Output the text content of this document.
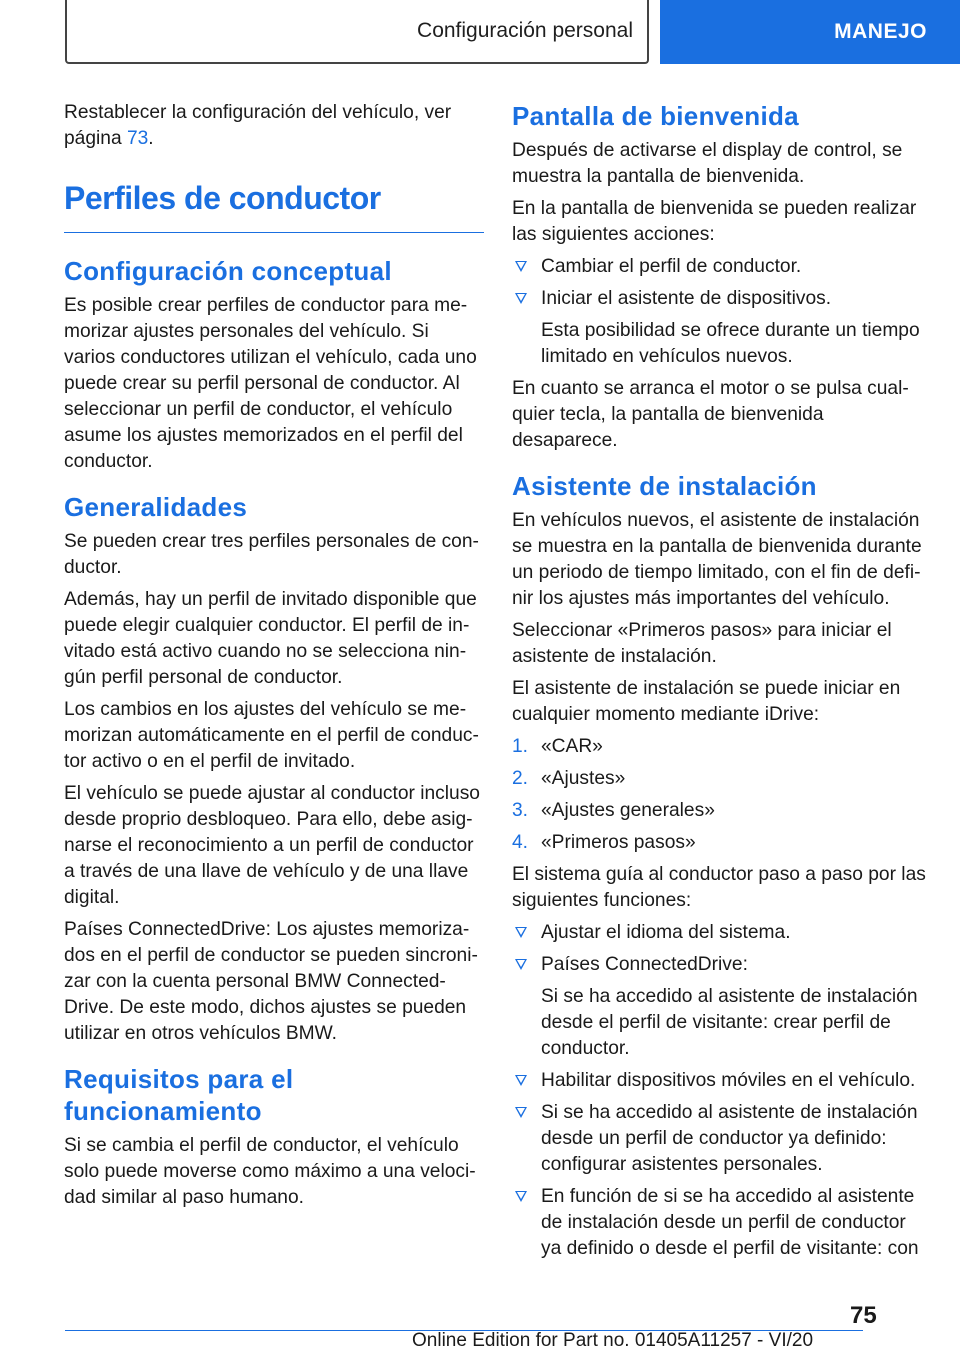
Configuración personal	MANEJO

Restablecer la configuración del vehículo, ver página 73.

Perfiles de conductor
Configuración conceptual

Es posible crear perfiles de conductor para memorizar ajustes personales del vehículo. Si varios conductores utilizan el vehículo, cada uno puede crear su perfil personal de conductor. Al seleccionar un perfil de conductor, el vehículo asume los ajustes memorizados en el perfil del conductor.

Generalidades

Se pueden crear tres perfiles personales de conductor.

Además, hay un perfil de invitado disponible que puede elegir cualquier conductor. El perfil de invitado está activo cuando no se selecciona ningún perfil personal de conductor.

Los cambios en los ajustes del vehículo se memorizan automáticamente en el perfil de conductor activo o en el perfil de invitado.

El vehículo se puede ajustar al conductor incluso desde proprio desbloqueo. Para ello, debe asignarse el reconocimiento a un perfil de conductor a través de una llave de vehículo y de una llave digital.

Países ConnectedDrive: Los ajustes memorizados en el perfil de conductor se pueden sincronizar con la cuenta personal BMW ConnectedDrive. De este modo, dichos ajustes se pueden utilizar en otros vehículos BMW.

Requisitos para el funcionamiento

Si se cambia el perfil de conductor, el vehículo solo puede moverse como máximo a una velocidad similar al paso humano.

Pantalla de bienvenida

Después de activarse el display de control, se muestra la pantalla de bienvenida.

En la pantalla de bienvenida se pueden realizar las siguientes acciones:

Cambiar el perfil de conductor.
Iniciar el asistente de dispositivos.
Esta posibilidad se ofrece durante un tiempo limitado en vehículos nuevos.

En cuanto se arranca el motor o se pulsa cualquier tecla, la pantalla de bienvenida desaparece.

Asistente de instalación

En vehículos nuevos, el asistente de instalación se muestra en la pantalla de bienvenida durante un periodo de tiempo limitado, con el fin de definir los ajustes más importantes del vehículo.

Seleccionar «Primeros pasos» para iniciar el asistente de instalación.

El asistente de instalación se puede iniciar en cualquier momento mediante iDrive:

1. «CAR»
2. «Ajustes»
3. «Ajustes generales»
4. «Primeros pasos»

El sistema guía al conductor paso a paso por las siguientes funciones:

Ajustar el idioma del sistema.
Países ConnectedDrive:
Si se ha accedido al asistente de instalación desde el perfil de visitante: crear perfil de conductor.
Habilitar dispositivos móviles en el vehículo.
Si se ha accedido al asistente de instalación desde un perfil de conductor ya definido: configurar asistentes personales.
En función de si se ha accedido al asistente de instalación desde un perfil de conductor ya definido o desde el perfil de visitante: con
75
Online Edition for Part no. 01405A11257 - VI/20
